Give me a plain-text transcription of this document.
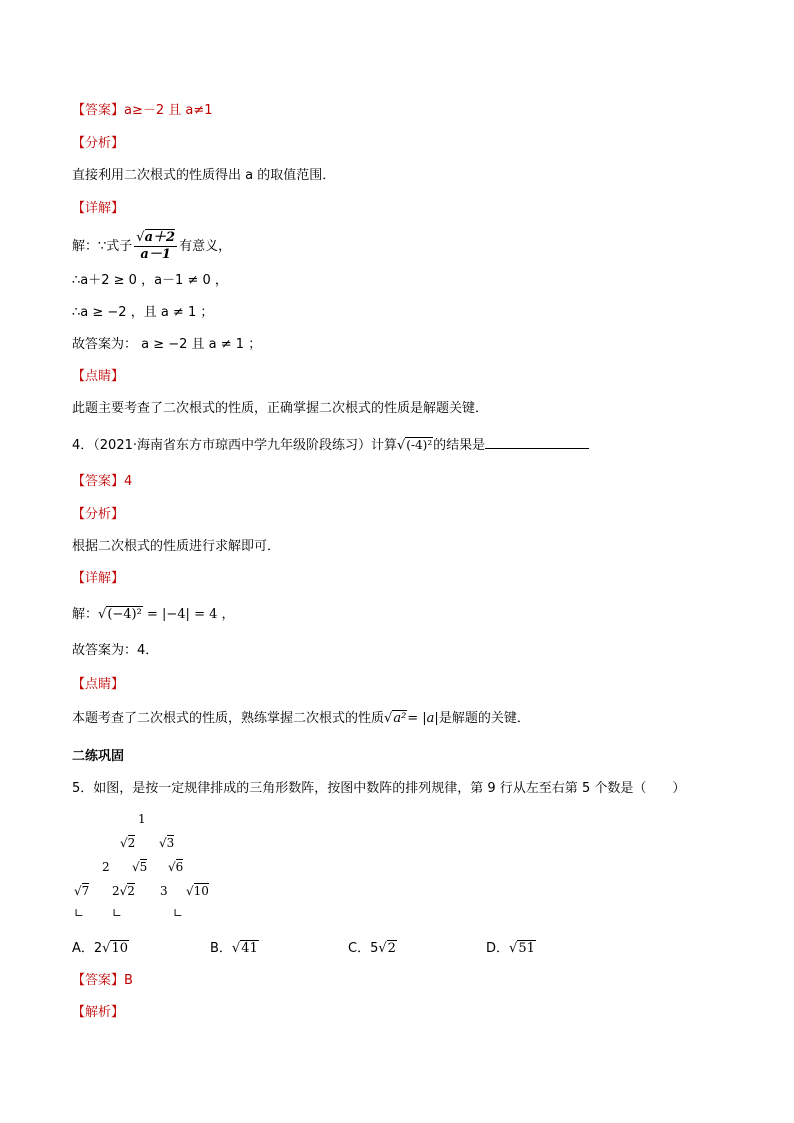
【答案】a≥－2 且 a≠1
【分析】
直接利用二次根式的性质得出 a 的取值范围．
【详解】
解：∵式子 $\frac{√a+2}{a-1}$ 有意义，
∴a＋2 ≥ 0 ，a－1 ≠ 0 ，
∴a ≥ −2 ，且 a ≠ 1 ；
故答案为： a ≥ −2 且 a ≠ 1 ；
【点睛】
此题主要考查了二次根式的性质，正确掌握二次根式的性质是解题关键．
4．（2021·海南省东方市琼西中学九年级阶段练习）计算√(-4)²的结果是
【答案】4
【分析】
根据二次根式的性质进行求解即可．
【详解】
解：√(−4)² = |−4| = 4 ，
故答案为：4．
【点睛】
本题考查了二次根式的性质，熟练掌握二次根式的性质√a²= |a|是解题的关键．
二练巩固
5．如图，是按一定规律排成的三角形数阵，按图中数阵的排列规律，第 9 行从左至右第 5 个数是（　　）
1
√2 √3
2 √5 √6
√7 2√2 3 √10
∟ ∟	∟
A．2√10	B．√41	C．5√2	D．√51
【答案】B
【解析】
